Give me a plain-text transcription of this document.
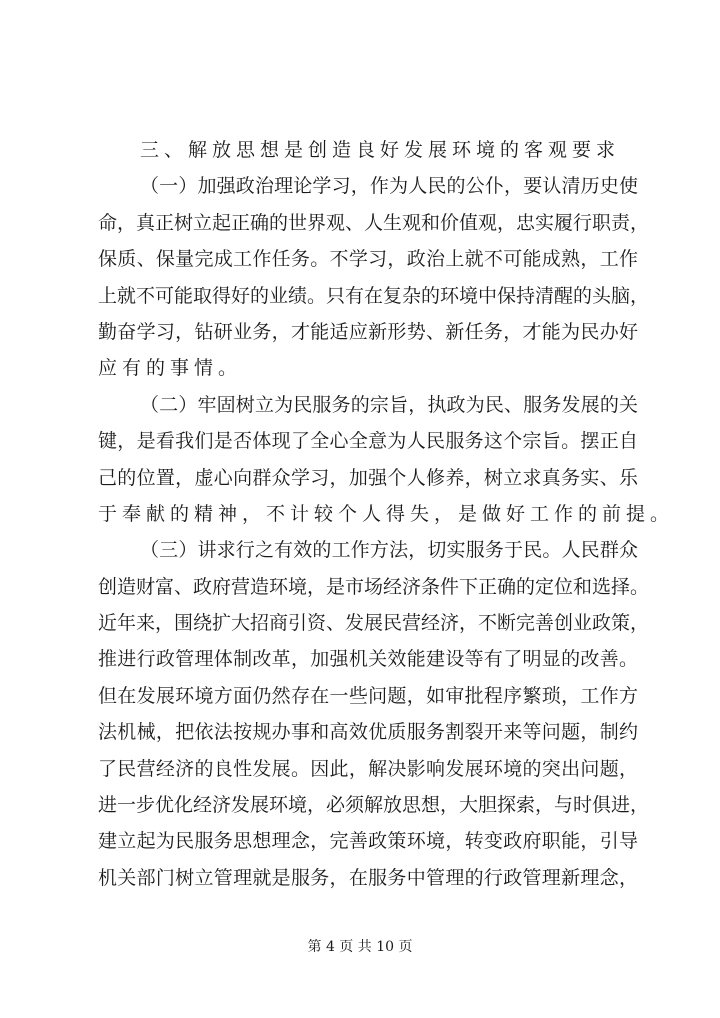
三、解放思想是创造良好发展环境的客观要求
（一）加强政治理论学习，作为人民的公仆，要认清历史使
命，真正树立起正确的世界观、人生观和价值观，忠实履行职责，
保质、保量完成工作任务。不学习，政治上就不可能成熟，工作
上就不可能取得好的业绩。只有在复杂的环境中保持清醒的头脑，
勤奋学习，钻研业务，才能适应新形势、新任务，才能为民办好
应有的事情。
（二）牢固树立为民服务的宗旨，执政为民、服务发展的关
键，是看我们是否体现了全心全意为人民服务这个宗旨。摆正自
己的位置，虚心向群众学习，加强个人修养，树立求真务实、乐
于奉献的精神，不计较个人得失，是做好工作的前提。
（三）讲求行之有效的工作方法，切实服务于民。人民群众
创造财富、政府营造环境，是市场经济条件下正确的定位和选择。
近年来，围绕扩大招商引资、发展民营经济，不断完善创业政策，
推进行政管理体制改革，加强机关效能建设等有了明显的改善。
但在发展环境方面仍然存在一些问题，如审批程序繁琐，工作方
法机械，把依法按规办事和高效优质服务割裂开来等问题，制约
了民营经济的良性发展。因此，解决影响发展环境的突出问题，
进一步优化经济发展环境，必须解放思想，大胆探索，与时俱进，
建立起为民服务思想理念，完善政策环境，转变政府职能，引导
机关部门树立管理就是服务，在服务中管理的行政管理新理念，
第 4 页 共 10 页
